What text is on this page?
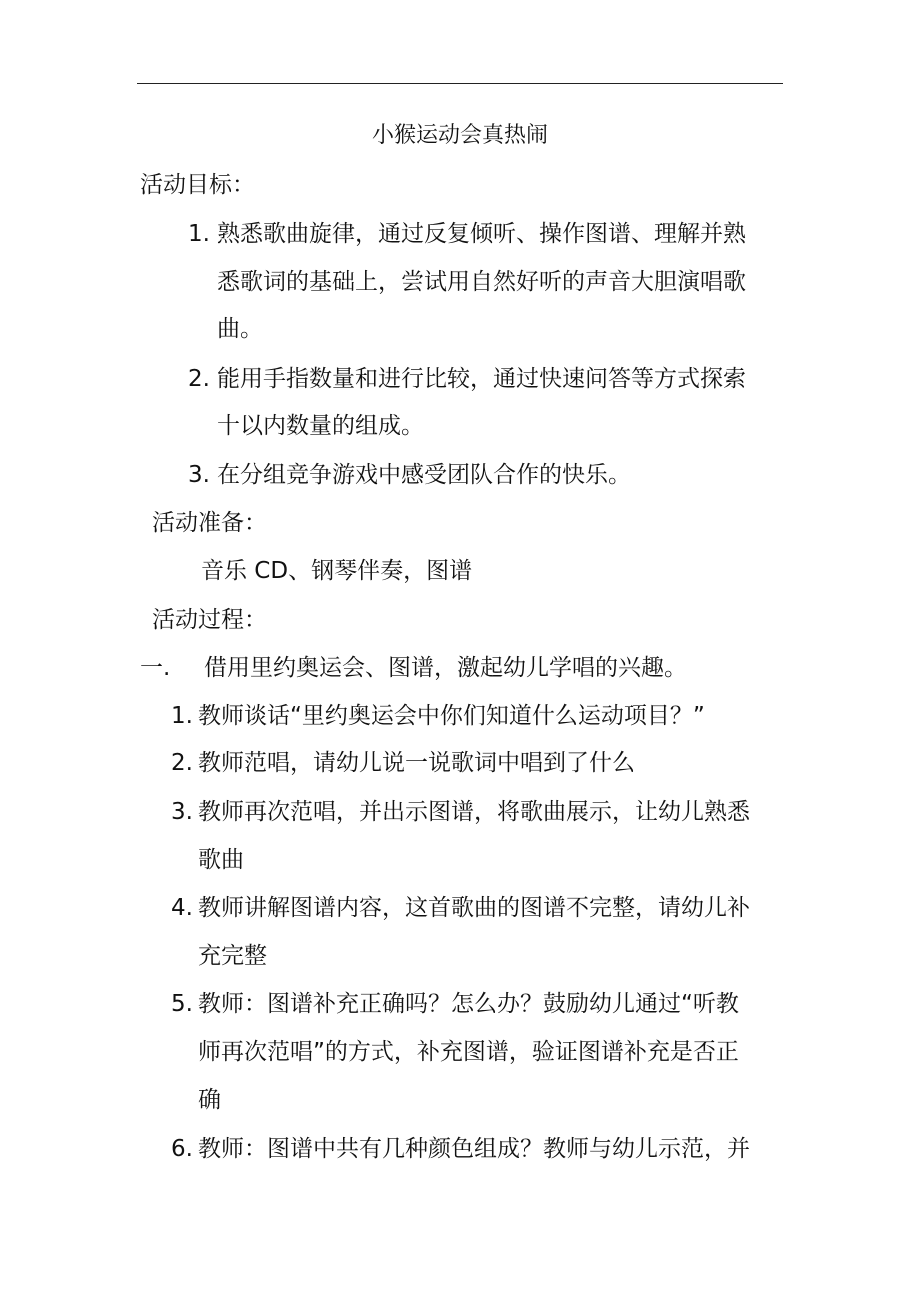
小猴运动会真热闹
活动目标：
1. 熟悉歌曲旋律，通过反复倾听、操作图谱、理解并熟
悉歌词的基础上，尝试用自然好听的声音大胆演唱歌
曲。
2. 能用手指数量和进行比较，通过快速问答等方式探索
十以内数量的组成。
3. 在分组竞争游戏中感受团队合作的快乐。
活动准备：
音乐 CD、钢琴伴奏，图谱
活动过程：
一. 借用里约奥运会、图谱，激起幼儿学唱的兴趣。
1. 教师谈话“里约奥运会中你们知道什么运动项目？”
2. 教师范唱，请幼儿说一说歌词中唱到了什么
3. 教师再次范唱，并出示图谱，将歌曲展示，让幼儿熟悉
歌曲
4. 教师讲解图谱内容，这首歌曲的图谱不完整，请幼儿补
充完整
5. 教师：图谱补充正确吗？怎么办？鼓励幼儿通过“听教
师再次范唱”的方式，补充图谱，验证图谱补充是否正
确
6. 教师：图谱中共有几种颜色组成？教师与幼儿示范，并
